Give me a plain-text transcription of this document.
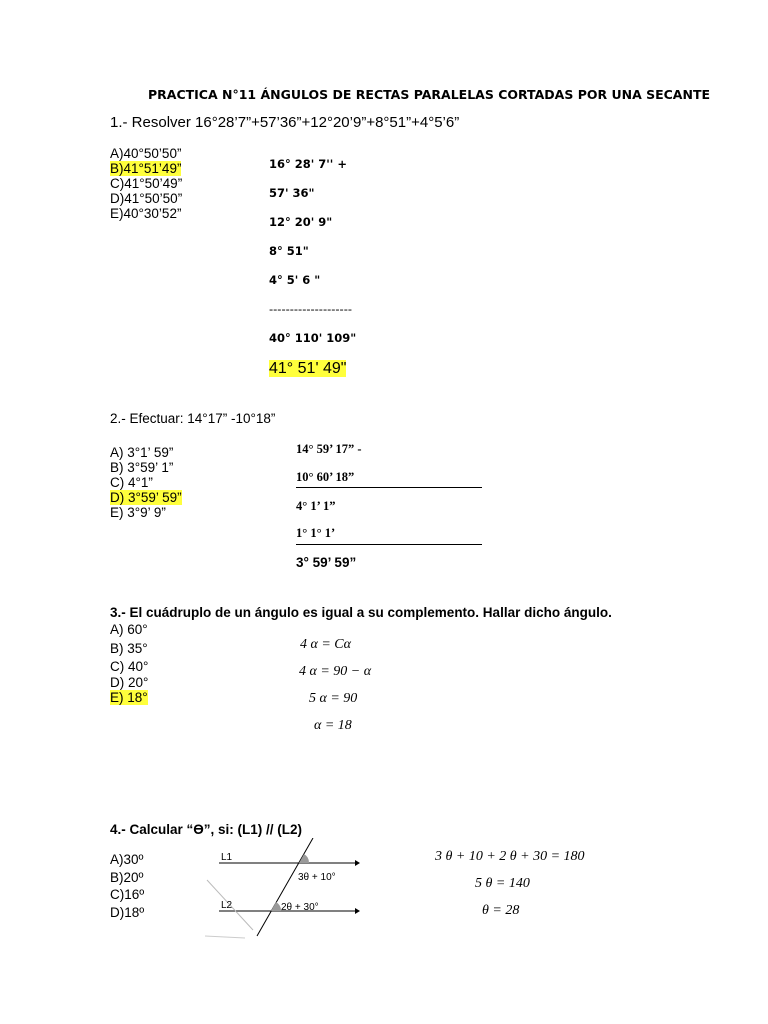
PRACTICA N°11 ÁNGULOS DE RECTAS PARALELAS CORTADAS POR UNA SECANTE
1.- Resolver 16°28’7”+57’36”+12°20’9”+8°51”+4°5’6”
A)40°50’50”
B)41°51’49”
C)41°50’49”
D)41°50’50”
E)40°30’52”
16° 28' 7'' +
57' 36"
12° 20' 9"
8° 51"
4° 5' 6 "
--------------------
40° 110' 109"
41° 51' 49"
2.- Efectuar: 14°17” -10°18”
A) 3°1’ 59”
B) 3°59’ 1”
C) 4°1”
D) 3°59’ 59”
E) 3°9’ 9”
14° 59’ 17” -
10° 60’ 18”
4° 1’ 1”
1° 1° 1’
3° 59’ 59”
3.- El cuádruplo de un ángulo es igual a su complemento. Hallar dicho ángulo.
A) 60°
B) 35°
C) 40°
D) 20°
E) 18°
4 α = Cα
4 α = 90 − α
5 α = 90
α = 18
4.- Calcular “Ɵ”, si: (L1) // (L2)
A)30º
B)20º
C)16º
D)18º
L1
L2
3θ + 10°
2θ + 30°
3 θ + 10 + 2 θ + 30 = 180
5 θ = 140
θ = 28
